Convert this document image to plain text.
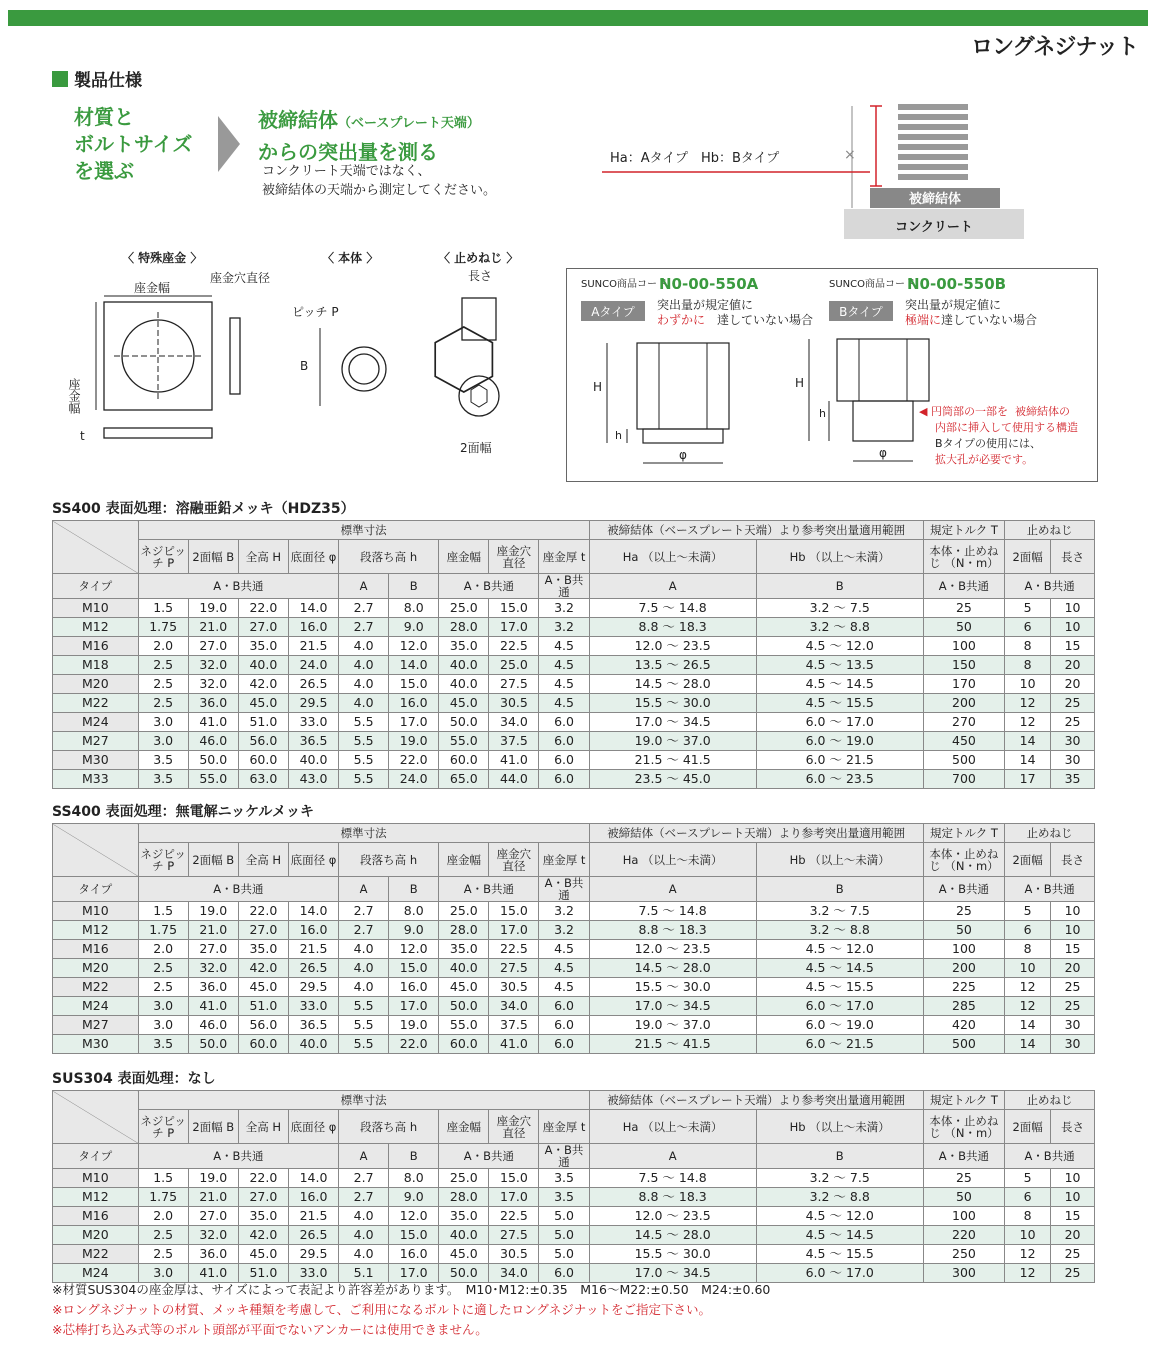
ロングネジナット
製品仕様
材質と
ボルトサイズ
を選ぶ
被締結体（ベースプレート天端）
からの突出量を測る
コンクリート天端ではなく、
被締結体の天端から測定してください。
×
Ha：Aタイプ　Hb：Bタイプ
被締結体
コンクリート
〈 特殊座金 〉
座金幅
座金穴直径
座金幅
t
〈 本体 〉
ピッチ P
B
〈 止めねじ 〉
長さ
2面幅
SUNCO商品コード
N0-00-550A
Aタイプ 突出量が規定値に
わずかに 達していない場合
SUNCO商品コード
N0-00-550B
Bタイプ 突出量が規定値に
極端に 達していない場合
H
h
φ
H
h
φ
◀ 円筒部の一部を 被締結体の
内部に挿入して使用する構造
Bタイプの使用には、
拡大孔が必要です。
SS400 表面処理：溶融亜鉛メッキ（HDZ35）
	標準寸法									被締結体（ベースプレート天端）より参考突出量適用範囲		規定トルク T	止めねじ	
	ネジピッチ P	2面幅 B	全高 H	底面径 φ	段落ち高 h		座金幅	座金穴 直径	座金厚 t	Ha （以上～未満）	Hb （以上～未満）	本体・止めねじ （N・m）	2面幅	長さ
タイプ	A・B共通				A	B	A・B共通		A・B共通	A	B	A・B共通	A・B共通	
M10	1.5	19.0	22.0	14.0	2.7	8.0	25.0	15.0	3.2	7.5 ～ 14.8	3.2 ～ 7.5	25	5	10
M12	1.75	21.0	27.0	16.0	2.7	9.0	28.0	17.0	3.2	8.8 ～ 18.3	3.2 ～ 8.8	50	6	10
M16	2.0	27.0	35.0	21.5	4.0	12.0	35.0	22.5	4.5	12.0 ～ 23.5	4.5 ～ 12.0	100	8	15
M18	2.5	32.0	40.0	24.0	4.0	14.0	40.0	25.0	4.5	13.5 ～ 26.5	4.5 ～ 13.5	150	8	20
M20	2.5	32.0	42.0	26.5	4.0	15.0	40.0	27.5	4.5	14.5 ～ 28.0	4.5 ～ 14.5	170	10	20
M22	2.5	36.0	45.0	29.5	4.0	16.0	45.0	30.5	4.5	15.5 ～ 30.0	4.5 ～ 15.5	200	12	25
M24	3.0	41.0	51.0	33.0	5.5	17.0	50.0	34.0	6.0	17.0 ～ 34.5	6.0 ～ 17.0	270	12	25
M27	3.0	46.0	56.0	36.5	5.5	19.0	55.0	37.5	6.0	19.0 ～ 37.0	6.0 ～ 19.0	450	14	30
M30	3.5	50.0	60.0	40.0	5.5	22.0	60.0	41.0	6.0	21.5 ～ 41.5	6.0 ～ 21.5	500	14	30
M33	3.5	55.0	63.0	43.0	5.5	24.0	65.0	44.0	6.0	23.5 ～ 45.0	6.0 ～ 23.5	700	17	35
SS400 表面処理：無電解ニッケルメッキ
	標準寸法									被締結体（ベースプレート天端）より参考突出量適用範囲		規定トルク T	止めねじ	
	ネジピッチ P	2面幅 B	全高 H	底面径 φ	段落ち高 h		座金幅	座金穴 直径	座金厚 t	Ha （以上～未満）	Hb （以上～未満）	本体・止めねじ （N・m）	2面幅	長さ
タイプ	A・B共通				A	B	A・B共通		A・B共通	A	B	A・B共通	A・B共通	
M10	1.5	19.0	22.0	14.0	2.7	8.0	25.0	15.0	3.2	7.5 ～ 14.8	3.2 ～ 7.5	25	5	10
M12	1.75	21.0	27.0	16.0	2.7	9.0	28.0	17.0	3.2	8.8 ～ 18.3	3.2 ～ 8.8	50	6	10
M16	2.0	27.0	35.0	21.5	4.0	12.0	35.0	22.5	4.5	12.0 ～ 23.5	4.5 ～ 12.0	100	8	15
M20	2.5	32.0	42.0	26.5	4.0	15.0	40.0	27.5	4.5	14.5 ～ 28.0	4.5 ～ 14.5	200	10	20
M22	2.5	36.0	45.0	29.5	4.0	16.0	45.0	30.5	4.5	15.5 ～ 30.0	4.5 ～ 15.5	225	12	25
M24	3.0	41.0	51.0	33.0	5.5	17.0	50.0	34.0	6.0	17.0 ～ 34.5	6.0 ～ 17.0	285	12	25
M27	3.0	46.0	56.0	36.5	5.5	19.0	55.0	37.5	6.0	19.0 ～ 37.0	6.0 ～ 19.0	420	14	30
M30	3.5	50.0	60.0	40.0	5.5	22.0	60.0	41.0	6.0	21.5 ～ 41.5	6.0 ～ 21.5	500	14	30
SUS304 表面処理：なし
	標準寸法									被締結体（ベースプレート天端）より参考突出量適用範囲		規定トルク T	止めねじ	
	ネジピッチ P	2面幅 B	全高 H	底面径 φ	段落ち高 h		座金幅	座金穴 直径	座金厚 t	Ha （以上～未満）	Hb （以上～未満）	本体・止めねじ （N・m）	2面幅	長さ
タイプ	A・B共通				A	B	A・B共通		A・B共通	A	B	A・B共通	A・B共通	
M10	1.5	19.0	22.0	14.0	2.7	8.0	25.0	15.0	3.5	7.5 ～ 14.8	3.2 ～ 7.5	25	5	10
M12	1.75	21.0	27.0	16.0	2.7	9.0	28.0	17.0	3.5	8.8 ～ 18.3	3.2 ～ 8.8	50	6	10
M16	2.0	27.0	35.0	21.5	4.0	12.0	35.0	22.5	5.0	12.0 ～ 23.5	4.5 ～ 12.0	100	8	15
M20	2.5	32.0	42.0	26.5	4.0	15.0	40.0	27.5	5.0	14.5 ～ 28.0	4.5 ～ 14.5	220	10	20
M22	2.5	36.0	45.0	29.5	4.0	16.0	45.0	30.5	5.0	15.5 ～ 30.0	4.5 ～ 15.5	250	12	25
M24	3.0	41.0	51.0	33.0	5.1	17.0	50.0	34.0	6.0	17.0 ～ 34.5	6.0 ～ 17.0	300	12	25
※材質SUS304の座金厚は、サイズによって表記より許容差があります。　M10･M12:±0.35　M16～M22:±0.50　M24:±0.60
※ロングネジナットの材質、メッキ種類を考慮して、ご利用になるボルトに適したロングネジナットをご指定下さい。
※芯棒打ち込み式等のボルト頭部が平面でないアンカーには使用できません。
